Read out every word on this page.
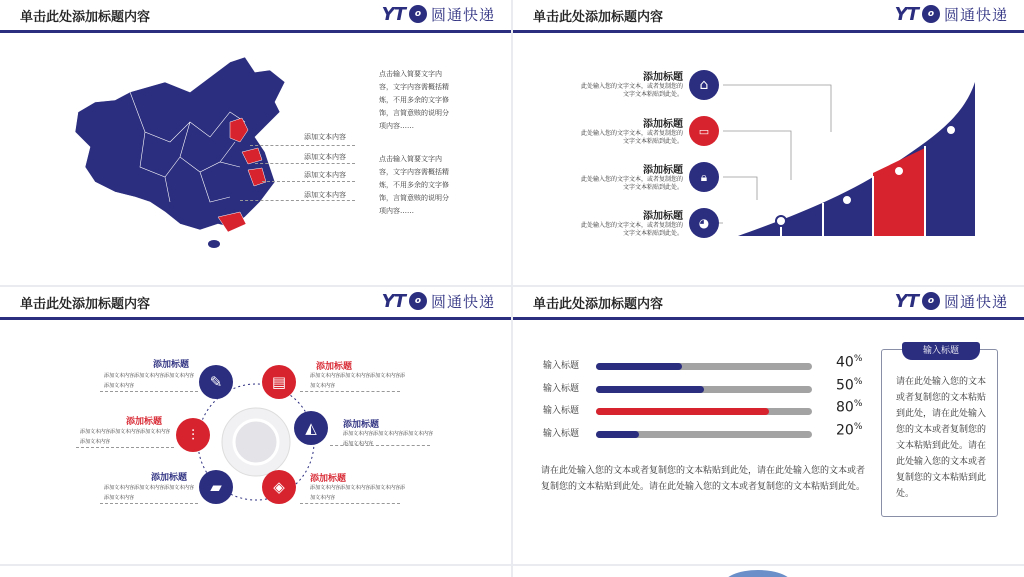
单击此处添加标题内容	YT	o 圆通快递
添加文本内容
添加文本内容
添加文本内容
添加文本内容
点击输入简要文字内容，文字内容需概括精炼，不用多余的文字修饰，言简意赅的说明分项内容……
点击输入简要文字内容，文字内容需概括精炼，不用多余的文字修饰，言简意赅的说明分项内容……
单击此处添加标题内容	YT	o 圆通快递
添加标题
此处输入您的文字文本，或者复制您的文字文本粘贴到此处。
添加标题
此处输入您的文字文本，或者复制您的文字文本粘贴到此处。
添加标题
此处输入您的文字文本，或者复制您的文字文本粘贴到此处。
添加标题
此处输入您的文字文本，或者复制您的文字文本粘贴到此处。
⌂
▭
🔒︎
◕
单击此处添加标题内容	YT	o 圆通快递
✎	▤
⫶	◭
▰	◈
添加标题
添加文本内容添加文本内容添加文本内容添加文本内容
添加标题
添加文本内容添加文本内容添加文本内容添加文本内容
添加标题
添加文本内容添加文本内容添加文本内容添加文本内容
添加标题
添加文本内容添加文本内容添加文本内容添加文本内容
添加标题
添加文本内容添加文本内容添加文本内容添加文本内容
添加标题
添加文本内容添加文本内容添加文本内容添加文本内容
单击此处添加标题内容	YT	o 圆通快递
输入标题	40%
输入标题	50%
输入标题	80%
输入标题	20%
请在此处输入您的文本或者复制您的文本粘贴到此处，请在此处输入您的文本或者复制您的文本粘贴到此处。请在此处输入您的文本或者复制您的文本粘贴到此处。
输入标题
请在此处输入您的文本或者复制您的文本粘贴到此处，请在此处输入您的文本或者复制您的文本粘贴到此处。请在此处输入您的文本或者复制您的文本粘贴到此处。
